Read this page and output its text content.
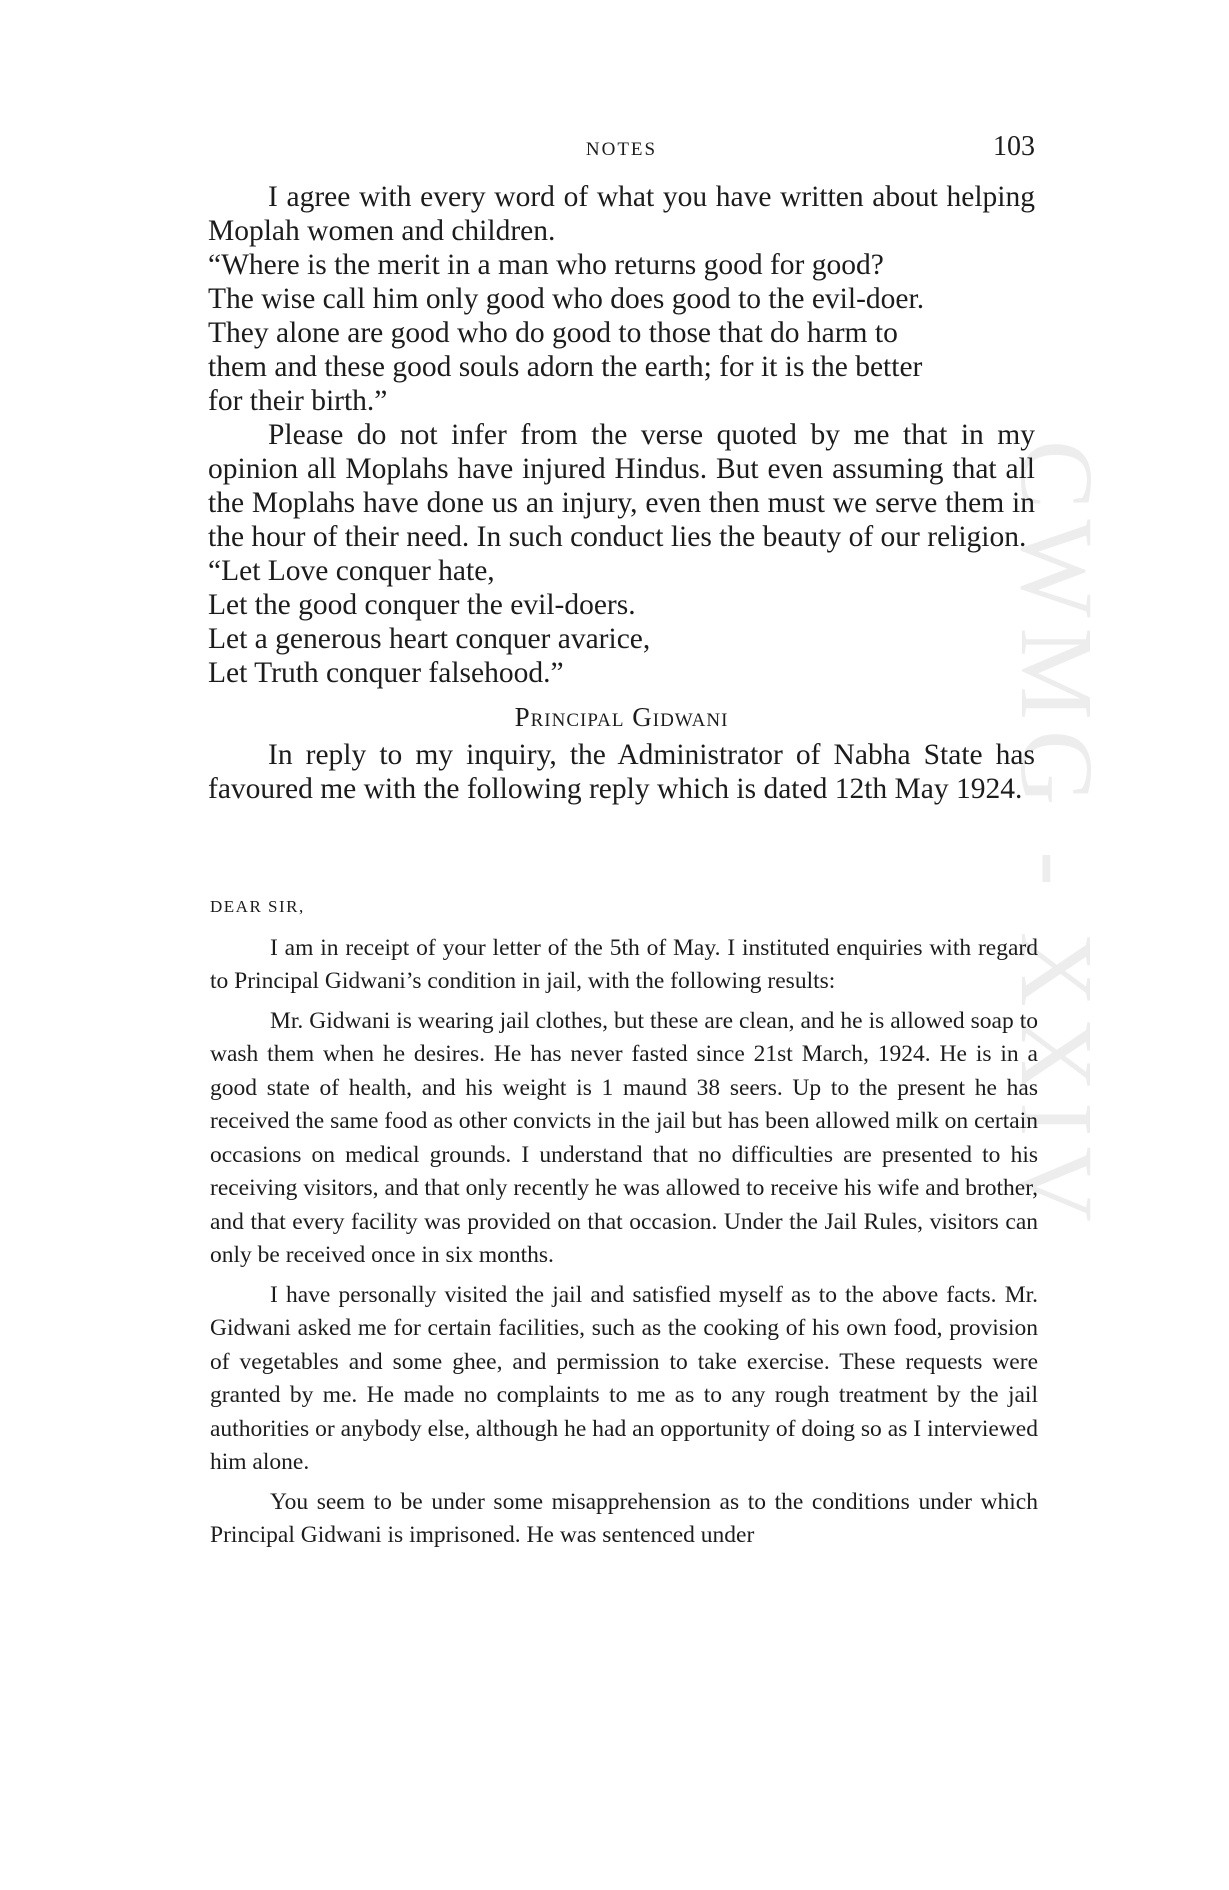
CWMG - XXIV
NOTES	103

I agree with every word of what you have written about helping Moplah women and children.

“Where is the merit in a man who returns good for good?
The wise call him only good who does good to the evil-doer.
They alone are good who do good to those that do harm to
them and these good souls adorn the earth; for it is the better
for their birth.”

Please do not infer from the verse quoted by me that in my opinion all Moplahs have injured Hindus. But even assuming that all the Moplahs have done us an injury, even then must we serve them in the hour of their need. In such conduct lies the beauty of our religion.

“Let Love conquer hate,
Let the good conquer the evil-doers.
Let a generous heart conquer avarice,
Let Truth conquer falsehood.”
Principal Gidwani

In reply to my inquiry, the Administrator of Nabha State has favoured me with the following reply which is dated 12th May 1924.

DEAR SIR,

I am in receipt of your letter of the 5th of May. I instituted enquiries with regard to Principal Gidwani’s condition in jail, with the following results:

Mr. Gidwani is wearing jail clothes, but these are clean, and he is allowed soap to wash them when he desires. He has never fasted since 21st March, 1924. He is in a good state of health, and his weight is 1 maund 38 seers. Up to the present he has received the same food as other convicts in the jail but has been allowed milk on certain occasions on medical grounds. I understand that no difficulties are presented to his receiving visitors, and that only recently he was allowed to receive his wife and brother, and that every facility was provided on that occasion. Under the Jail Rules, visitors can only be received once in six months.

I have personally visited the jail and satisfied myself as to the above facts. Mr. Gidwani asked me for certain facilities, such as the cooking of his own food, provision of vegetables and some ghee, and permission to take exercise. These requests were granted by me. He made no complaints to me as to any rough treatment by the jail authorities or anybody else, although he had an opportunity of doing so as I interviewed him alone.

You seem to be under some misapprehension as to the conditions under which Principal Gidwani is imprisoned. He was sentenced under
